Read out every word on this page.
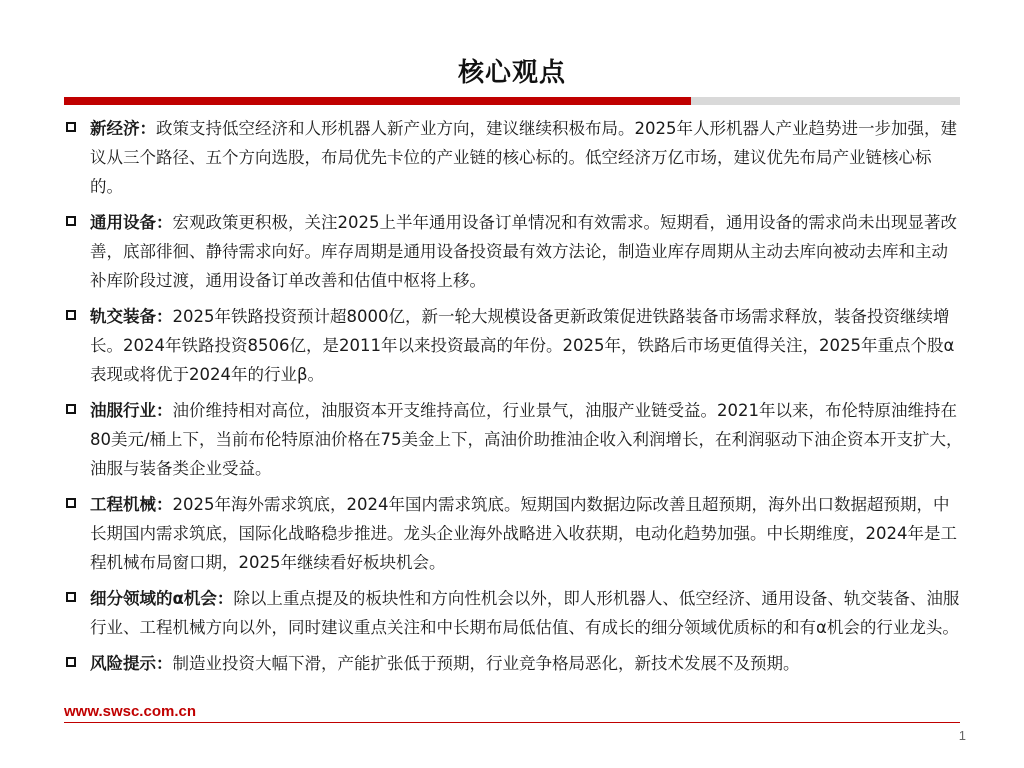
核心观点
新经济：政策支持低空经济和人形机器人新产业方向，建议继续积极布局。2025年人形机器人产业趋势进一步加强，建议从三个路径、五个方向选股，布局优先卡位的产业链的核心标的。低空经济万亿市场，建议优先布局产业链核心标的。
通用设备：宏观政策更积极，关注2025上半年通用设备订单情况和有效需求。短期看，通用设备的需求尚未出现显著改善，底部徘徊、静待需求向好。库存周期是通用设备投资最有效方法论，制造业库存周期从主动去库向被动去库和主动补库阶段过渡，通用设备订单改善和估值中枢将上移。
轨交装备：2025年铁路投资预计超8000亿，新一轮大规模设备更新政策促进铁路装备市场需求释放，装备投资继续增长。2024年铁路投资8506亿，是2011年以来投资最高的年份。2025年，铁路后市场更值得关注，2025年重点个股α表现或将优于2024年的行业β。
油服行业：油价维持相对高位，油服资本开支维持高位，行业景气，油服产业链受益。2021年以来，布伦特原油维持在80美元/桶上下，当前布伦特原油价格在75美金上下，高油价助推油企收入利润增长，在利润驱动下油企资本开支扩大，油服与装备类企业受益。
工程机械：2025年海外需求筑底，2024年国内需求筑底。短期国内数据边际改善且超预期，海外出口数据超预期，中长期国内需求筑底，国际化战略稳步推进。龙头企业海外战略进入收获期，电动化趋势加强。中长期维度，2024年是工程机械布局窗口期，2025年继续看好板块机会。
细分领域的α机会：除以上重点提及的板块性和方向性机会以外，即人形机器人、低空经济、通用设备、轨交装备、油服行业、工程机械方向以外，同时建议重点关注和中长期布局低估值、有成长的细分领域优质标的和有α机会的行业龙头。
风险提示：制造业投资大幅下滑，产能扩张低于预期，行业竞争格局恶化，新技术发展不及预期。
www.swsc.com.cn
1
